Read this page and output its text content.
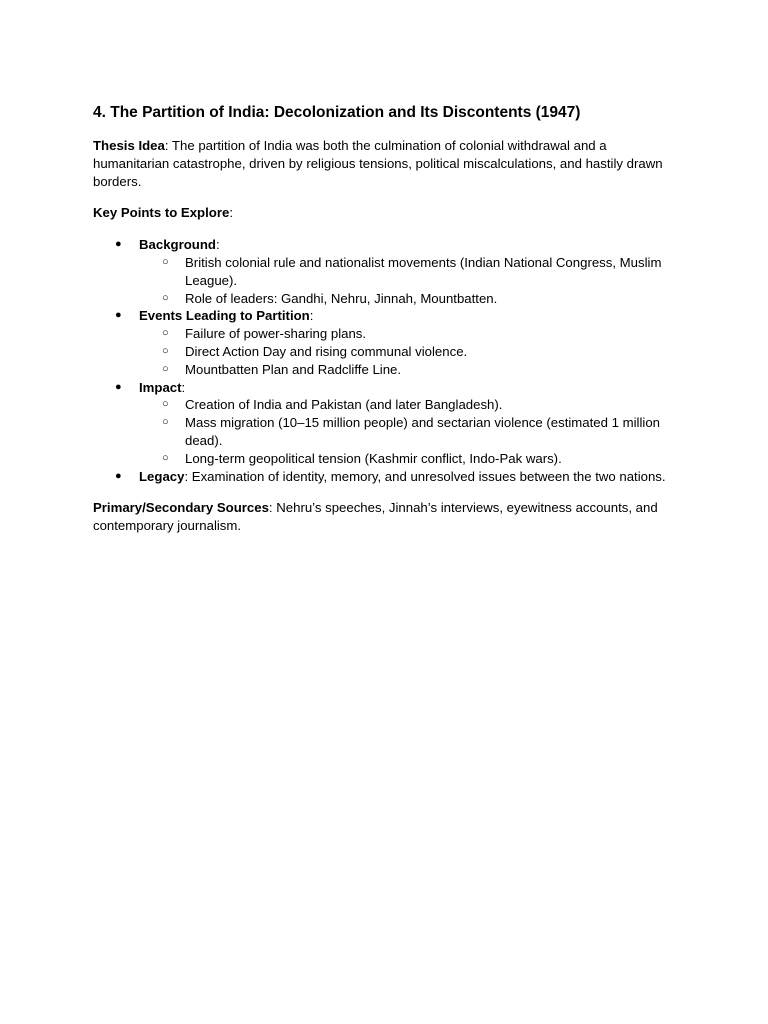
4. The Partition of India: Decolonization and Its Discontents (1947)

Thesis Idea: The partition of India was both the culmination of colonial withdrawal and a humanitarian catastrophe, driven by religious tensions, political miscalculations, and hastily drawn borders.

Key Points to Explore:

● Background:
○ British colonial rule and nationalist movements (Indian National Congress, Muslim League).
○ Role of leaders: Gandhi, Nehru, Jinnah, Mountbatten.
● Events Leading to Partition:
○ Failure of power-sharing plans.
○ Direct Action Day and rising communal violence.
○ Mountbatten Plan and Radcliffe Line.
● Impact:
○ Creation of India and Pakistan (and later Bangladesh).
○ Mass migration (10–15 million people) and sectarian violence (estimated 1 million dead).
○ Long-term geopolitical tension (Kashmir conflict, Indo-Pak wars).
● Legacy: Examination of identity, memory, and unresolved issues between the two nations.

Primary/Secondary Sources: Nehru’s speeches, Jinnah’s interviews, eyewitness accounts, and contemporary journalism.
